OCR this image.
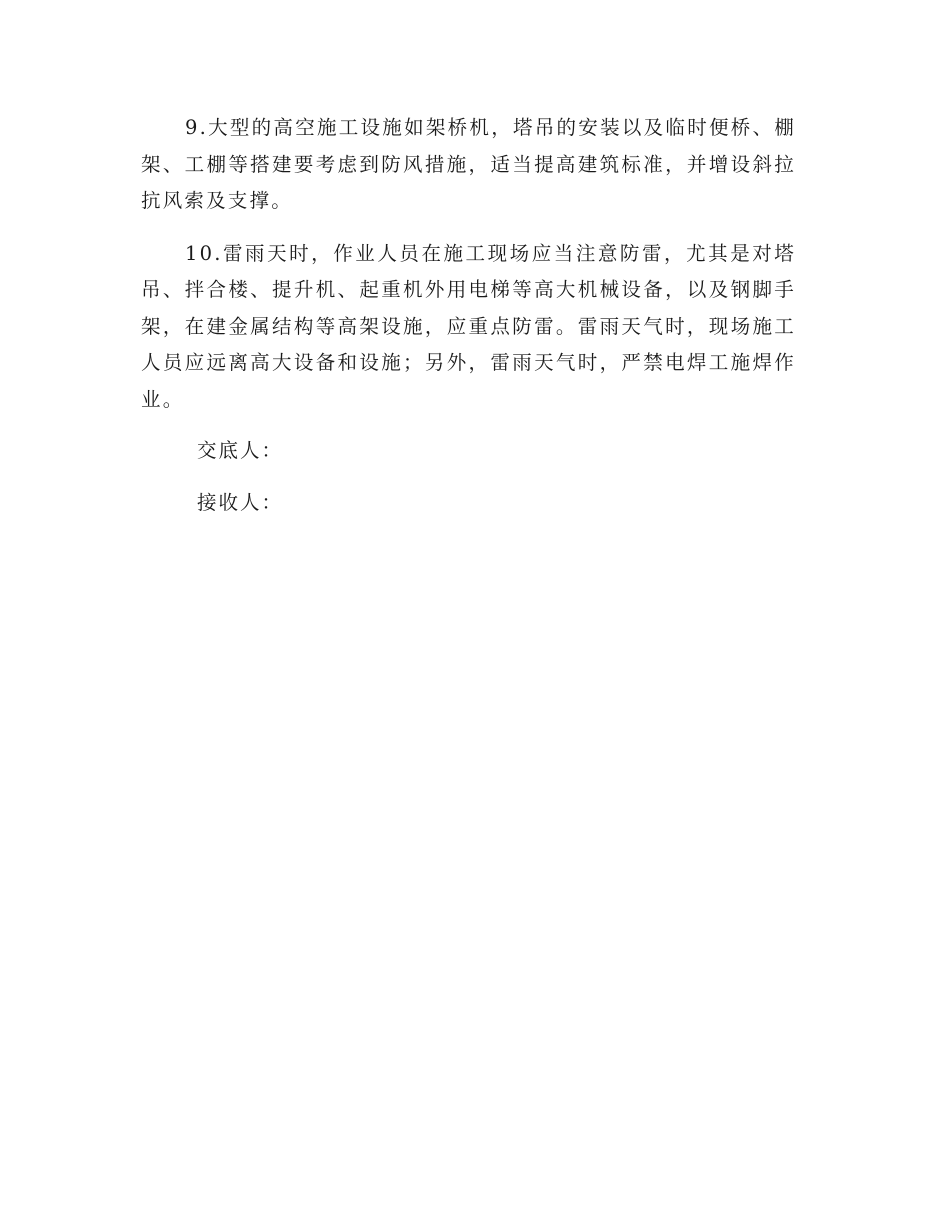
9.大型的高空施工设施如架桥机，塔吊的安装以及临时便桥、棚架、工棚等搭建要考虑到防风措施，适当提高建筑标准，并增设斜拉抗风索及支撑。

10.雷雨天时，作业人员在施工现场应当注意防雷，尤其是对塔吊、拌合楼、提升机、起重机外用电梯等高大机械设备，以及钢脚手架，在建金属结构等高架设施，应重点防雷。雷雨天气时，现场施工人员应远离高大设备和设施；另外，雷雨天气时，严禁电焊工施焊作业。

交底人：
接收人：
